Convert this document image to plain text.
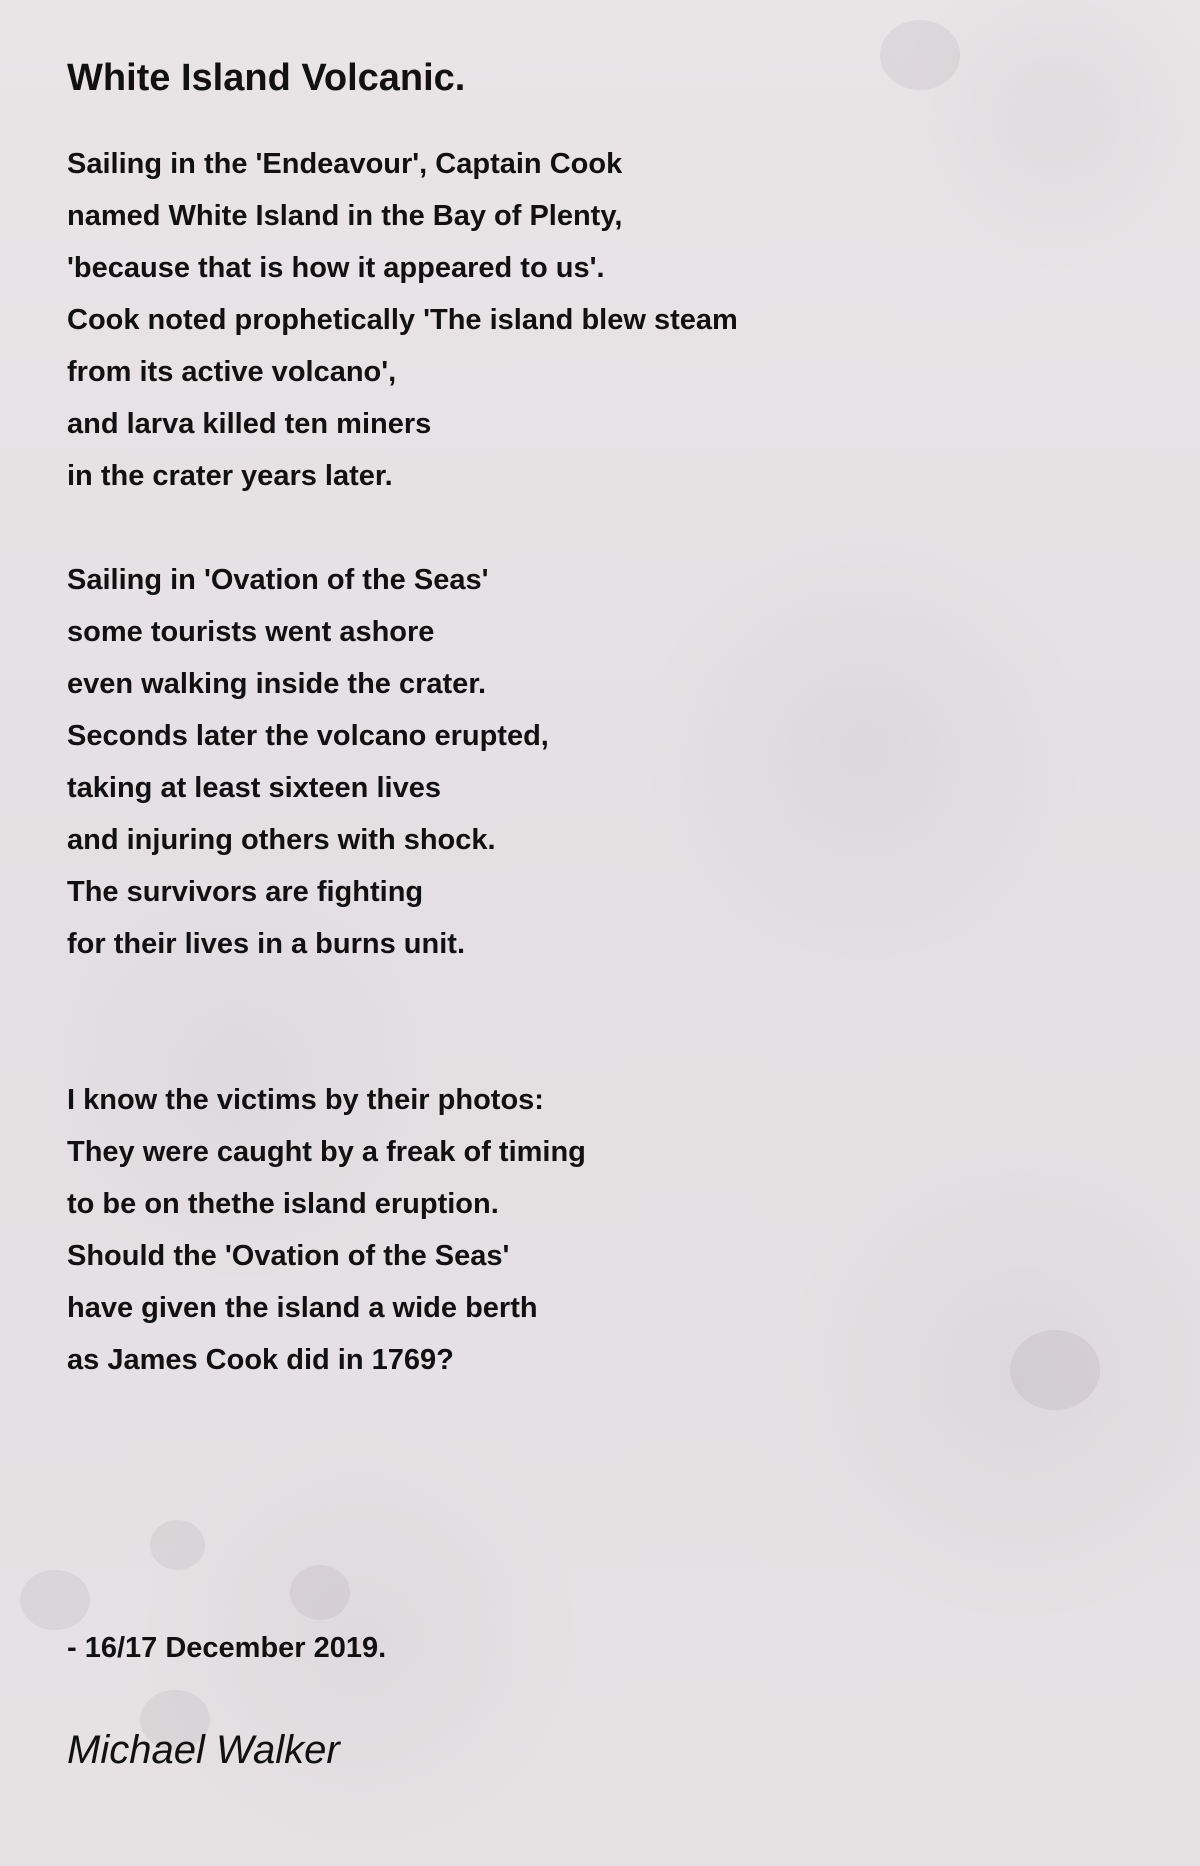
White Island Volcanic.
Sailing in the 'Endeavour', Captain Cook
named White Island in the Bay of Plenty,
'because that is how it appeared to us'.
Cook noted prophetically 'The island blew steam
from its active volcano',
and larva killed ten miners
in the crater years later.
Sailing in 'Ovation of the Seas'
some tourists went ashore
even walking inside the crater.
Seconds later the volcano erupted,
taking at least sixteen lives
and injuring others with shock.
The survivors are fighting
for their lives in a burns unit.
I know the victims by their photos:
They were caught by a freak of timing
to be on thethe island eruption.
Should the 'Ovation of the Seas'
have given the island a wide berth
as James Cook did in 1769?
- 16/17 December 2019.
Michael Walker
